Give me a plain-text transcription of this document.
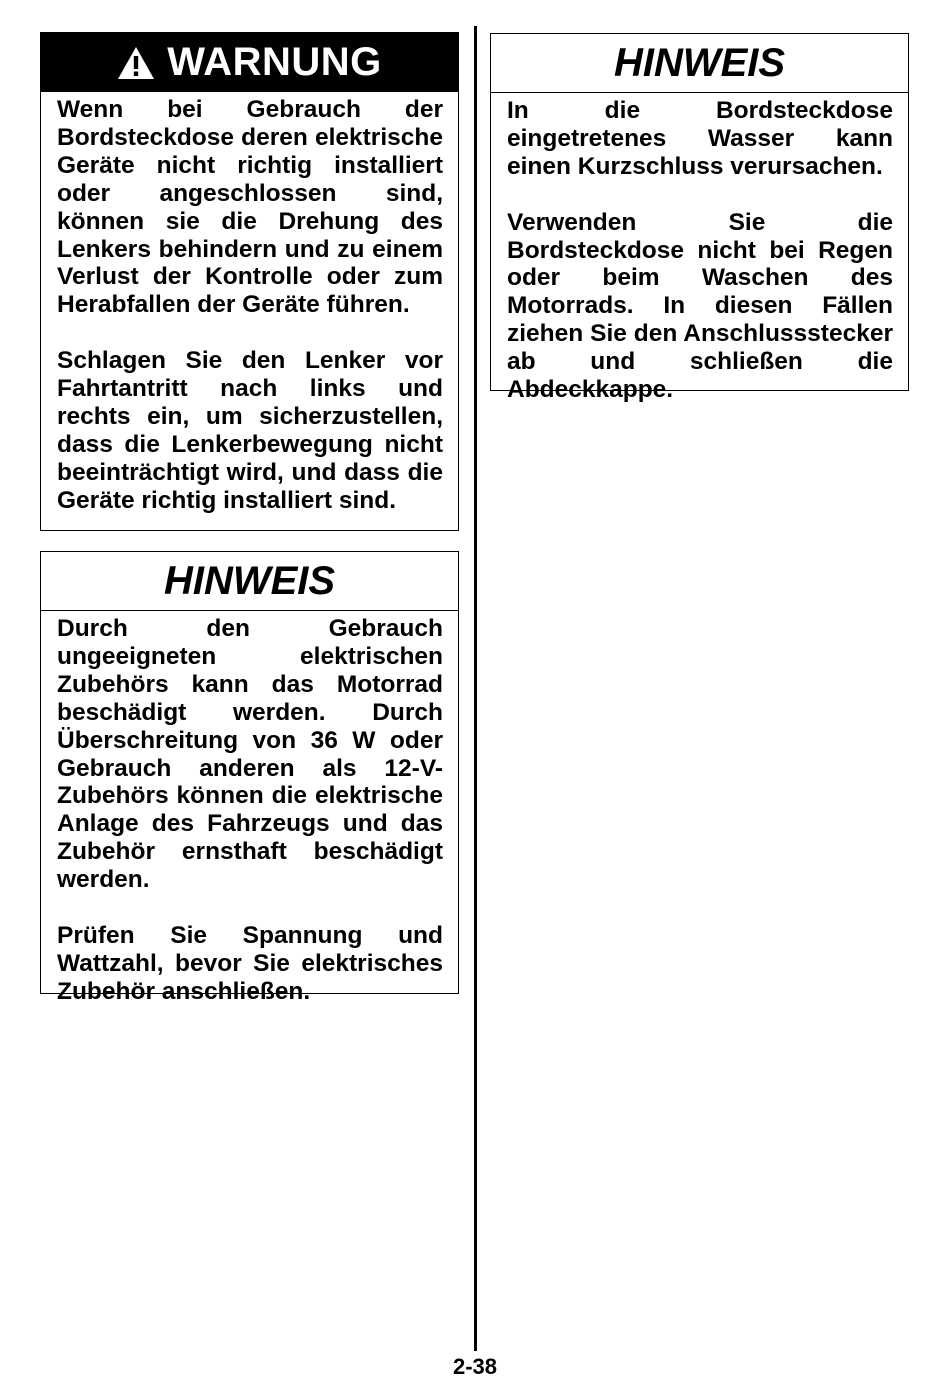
WARNUNG

Wenn bei Gebrauch der Bordsteckdose deren elektrische Geräte nicht richtig installiert oder angeschlossen sind, können sie die Drehung des Lenkers behindern und zu einem Verlust der Kontrolle oder zum Herabfallen der Geräte führen.

Schlagen Sie den Lenker vor Fahrtantritt nach links und rechts ein, um sicherzustellen, dass die Lenkerbewegung nicht beeinträchtigt wird, und dass die Geräte richtig installiert sind.

HINWEIS

Durch den Gebrauch ungeeigneten elektrischen Zubehörs kann das Motorrad beschädigt werden. Durch Überschreitung von 36 W oder Gebrauch anderen als 12-V-Zubehörs können die elektrische Anlage des Fahrzeugs und das Zubehör ernsthaft beschädigt werden.

Prüfen Sie Spannung und Wattzahl, bevor Sie elektrisches Zubehör anschließen.

HINWEIS

In die Bordsteckdose eingetretenes Wasser kann einen Kurzschluss verursachen.

Verwenden Sie die Bordsteckdose nicht bei Regen oder beim Waschen des Motorrads. In diesen Fällen ziehen Sie den Anschlussstecker ab und schließen die Abdeckkappe.

2-38
